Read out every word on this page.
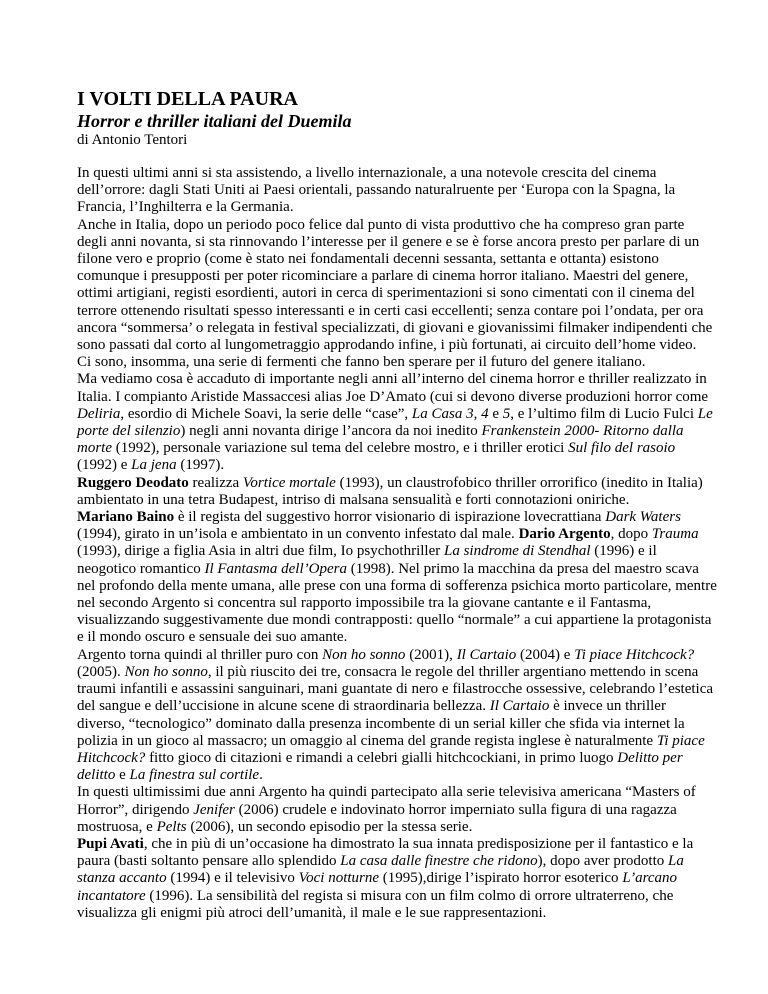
I VOLTI DELLA PAURA
Horror e thriller italiani del Duemila
di Antonio Tentori

In questi ultimi anni si sta assistendo, a livello internazionale, a una notevole crescita del cinema dell’orrore: dagli Stati Uniti ai Paesi orientali, passando naturalruente per ‘Europa con la Spagna, la Francia, l’Inghilterra e la Germania.

Anche in Italia, dopo un periodo poco felice dal punto di vista produttivo che ha compreso gran parte degli anni novanta, si sta rinnovando l’interesse per il genere e se è forse ancora presto per parlare di un filone vero e proprio (come è stato nei fondamentali decenni sessanta, settanta e ottanta) esistono comunque i presupposti per poter ricominciare a parlare di cinema horror italiano. Maestri del genere, ottimi artigiani, registi esordienti, autori in cerca di sperimentazioni si sono cimentati con il cinema del terrore ottenendo risultati spesso interessanti e in certi casi eccellenti; senza contare poi l’ondata, per ora ancora “sommersa’ o relegata in festival specializzati, di giovani e giovanissimi filmaker indipendenti che sono passati dal corto al lungometraggio approdando infine, i più fortunati, ai circuito dell’home video.

Ci sono, insomma, una serie di fermenti che fanno ben sperare per il futuro del genere italiano.

Ma vediamo cosa è accaduto di importante negli anni all’interno del cinema horror e thriller realizzato in Italia. I compianto Aristide Massaccesi alias Joe D’Amato (cui si devono diverse produzioni horror come Deliria, esordio di Michele Soavi, la serie delle “case”, La Casa 3, 4 e 5, e l’ultimo film di Lucio Fulci Le porte del silenzio) negli anni novanta dirige l’ancora da noi inedito Frankenstein 2000- Ritorno dalla morte (1992), personale variazione sul tema del celebre mostro, e i thriller erotici Sul filo del rasoio (1992) e La jena (1997).

Ruggero Deodato realizza Vortice mortale (1993), un claustrofobico thriller orrorifico (inedito in Italia) ambientato in una tetra Budapest, intriso di malsana sensualità e forti connotazioni oniriche.

Mariano Baino è il regista del suggestivo horror visionario di ispirazione lovecrattiana Dark Waters (1994), girato in un’isola e ambientato in un convento infestato dal male. Dario Argento, dopo Trauma (1993), dirige a figlia Asia in altri due film, Io psychothriller La sindrome di Stendhal (1996) e il neogotico romantico Il Fantasma dell’Opera (1998). Nel primo la macchina da presa del maestro scava nel profondo della mente umana, alle prese con una forma di sofferenza psichica morto particolare, mentre nel secondo Argento si concentra sul rapporto impossibile tra la giovane cantante e il Fantasma, visualizzando suggestivamente due mondi contrapposti: quello “normale” a cui appartiene la protagonista e il mondo oscuro e sensuale dei suo amante.

Argento torna quindi al thriller puro con Non ho sonno (2001), Il Cartaio (2004) e Ti piace Hitchcock? (2005). Non ho sonno, il più riuscito dei tre, consacra le regole del thriller argentiano mettendo in scena traumi infantili e assassini sanguinari, mani guantate di nero e filastrocche ossessive, celebrando l’estetica del sangue e dell’uccisione in alcune scene di straordinaria bellezza. Il Cartaio è invece un thriller diverso, “tecnologico” dominato dalla presenza incombente di un serial killer che sfida via internet la polizia in un gioco al massacro; un omaggio al cinema del grande regista inglese è naturalmente Ti piace Hitchcock? fitto gioco di citazioni e rimandi a celebri gialli hitchcockiani, in primo luogo Delitto per delitto e La finestra sul cortile.

In questi ultimissimi due anni Argento ha quindi partecipato alla serie televisiva americana “Masters of Horror”, dirigendo Jenifer (2006) crudele e indovinato horror imperniato sulla figura di una ragazza mostruosa, e Pelts (2006), un secondo episodio per la stessa serie.

Pupi Avati, che in più di un’occasione ha dimostrato la sua innata predisposizione per il fantastico e la paura (basti soltanto pensare allo splendido La casa dalle finestre che ridono), dopo aver prodotto La stanza accanto (1994) e il televisivo Voci notturne (1995),dirige l’ispirato horror esoterico L’arcano incantatore (1996). La sensibilità del regista si misura con un film colmo di orrore ultraterreno, che visualizza gli enigmi più atroci dell’umanità, il male e le sue rappresentazioni.
